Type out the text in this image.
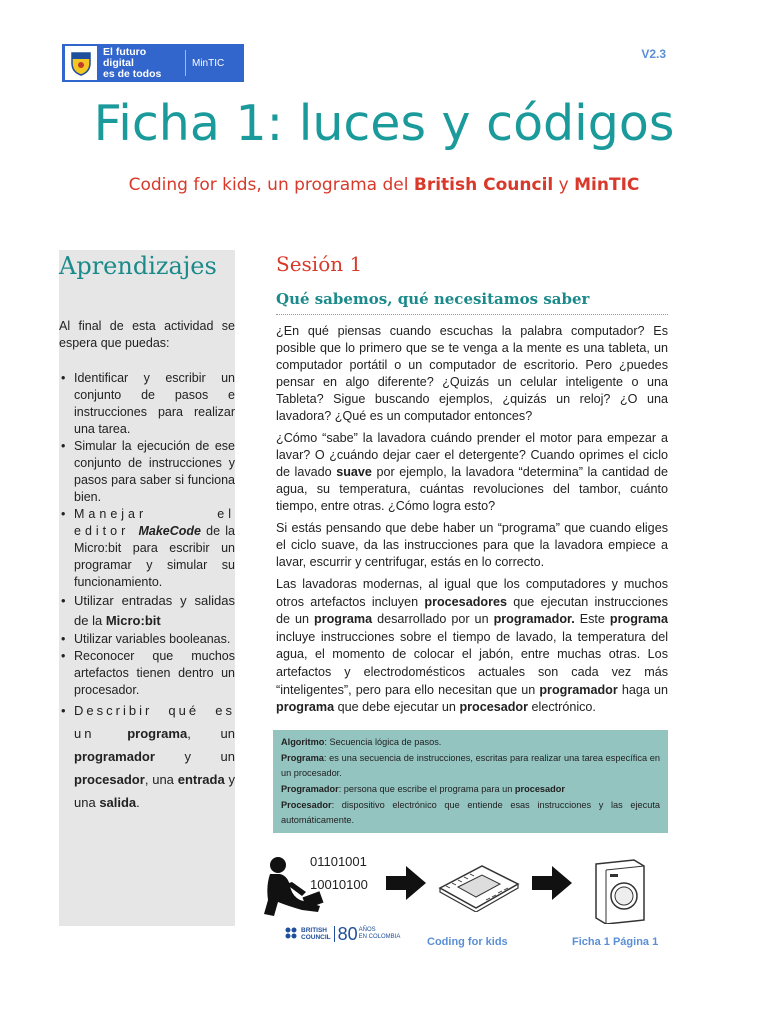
El futuro digital
es de todos
MinTIC
V2.3
Ficha 1: luces y códigos
Coding for kids, un programa del British Council y MinTIC
Aprendizajes
Al final de esta actividad se espera que puedas:
• Identificar y escribir un conjunto de pasos e instrucciones para realizar una tarea.
• Simular la ejecución de ese conjunto de instrucciones y pasos para saber si funciona bien.
• Manejar el editor MakeCode de la Micro:bit para escribir un programar y simular su funcionamiento.
• Utilizar entradas y salidas de la Micro:bit
• Utilizar variables booleanas.
• Reconocer que muchos artefactos tienen dentro un procesador.
• Describir qué es un programa, un programador y un procesador, una entrada y una salida.
Sesión 1
Qué sabemos, qué necesitamos saber

¿En qué piensas cuando escuchas la palabra computador? Es posible que lo primero que se te venga a la mente es una tableta, un computador portátil o un computador de escritorio. Pero ¿puedes pensar en algo diferente? ¿Quizás un celular inteligente o una Tableta? Sigue buscando ejemplos, ¿quizás un reloj? ¿O una lavadora? ¿Qué es un computador entonces?

¿Cómo “sabe” la lavadora cuándo prender el motor para empezar a lavar? O ¿cuándo dejar caer el detergente? Cuando oprimes el ciclo de lavado suave por ejemplo, la lavadora “determina” la cantidad de agua, su temperatura, cuántas revoluciones del tambor, cuánto tiempo, entre otras. ¿Cómo logra esto?

Si estás pensando que debe haber un “programa” que cuando eliges el ciclo suave, da las instrucciones para que la lavadora empiece a lavar, escurrir y centrifugar, estás en lo correcto.

Las lavadoras modernas, al igual que los computadores y muchos otros artefactos incluyen procesadores que ejecutan instrucciones de un programa desarrollado por un programador. Este programa incluye instrucciones sobre el tiempo de lavado, la temperatura del agua, el momento de colocar el jabón, entre muchas otras. Los artefactos y electrodomésticos actuales son cada vez más “inteligentes”, pero para ello necesitan que un programador haga un programa que debe ejecutar un procesador electrónico.

Algoritmo: Secuencia lógica de pasos.

Programa: es una secuencia de instrucciones, escritas para realizar una tarea específica en un procesador.

Programador: persona que escribe el programa para un procesador

Procesador: dispositivo electrónico que entiende esas instrucciones y las ejecuta automáticamente.

01101001
10010100
BRITISH
COUNCIL 80 AÑOS
EN COLOMBIA Coding for kids	Ficha 1 Página 1
